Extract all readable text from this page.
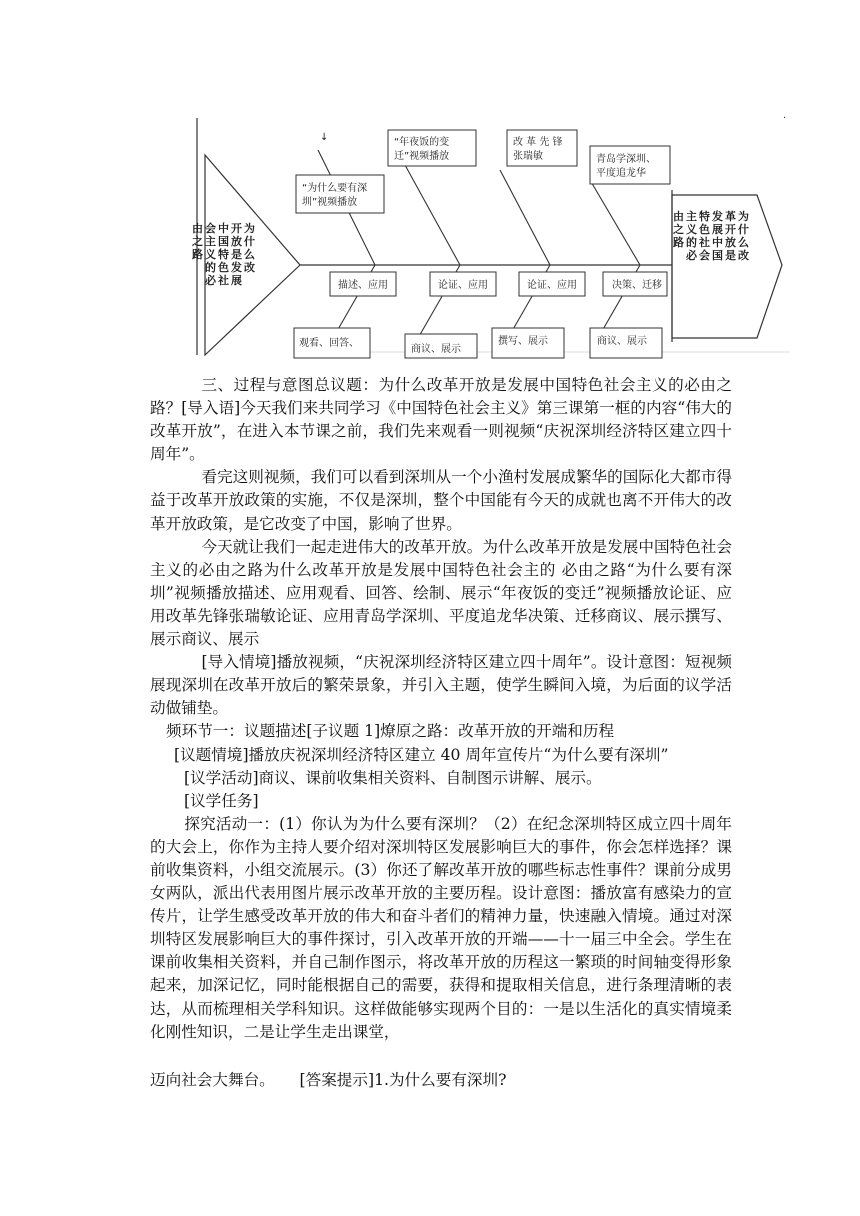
“为什么要有深
圳”视频播放
“年夜饭的变
迁”视频播放
改 革 先 锋
张瑞敏	青岛学深圳、
平度追龙华
描述、应用	论证、应用	论证、应用	决策、迁移
观看、回答、
商议、展示
撰写、展示	商议、展示
↓
·
为
什
么
改
开
放
是
发
展
中
国
特
色
社
会
主
义
的
必
由
之
路
为
什
么
改
革
开
放
是
发
展
中
国
特
色
社
会
主
义
的
必
由
之
路

三、过程与意图总议题：为什么改革开放是发展中国特色社会主义的必由之路？[导入语]今天我们来共同学习《中国特色社会主义》第三课第一框的内容“伟大的改革开放”，在进入本节课之前，我们先来观看一则视频“庆祝深圳经济特区建立四十周年”。

看完这则视频，我们可以看到深圳从一个小渔村发展成繁华的国际化大都市得益于改革开放政策的实施，不仅是深圳，整个中国能有今天的成就也离不开伟大的改革开放政策，是它改变了中国，影响了世界。

今天就让我们一起走进伟大的改革开放。为什么改革开放是发展中国特色社会主义的必由之路为什么改革开放是发展中国特色社会主的 必由之路“为什么要有深圳”视频播放描述、应用观看、回答、绘制、展示“年夜饭的变迁”视频播放论证、应用改革先锋张瑞敏论证、应用青岛学深圳、平度追龙华决策、迁移商议、展示撰写、展示商议、展示

[导入情境]播放视频，“庆祝深圳经济特区建立四十周年”。设计意图：短视频展现深圳在改革开放后的繁荣景象，并引入主题，使学生瞬间入境，为后面的议学活动做铺垫。

频环节一：议题描述[子议题 1]燎原之路：改革开放的开端和历程

[议题情境]播放庆祝深圳经济特区建立 40 周年宣传片“为什么要有深圳”

[议学活动]商议、课前收集相关资料、自制图示讲解、展示。

[议学任务]

探究活动一：(1）你认为为什么要有深圳？（2）在纪念深圳特区成立四十周年的大会上，你作为主持人要介绍对深圳特区发展影响巨大的事件，你会怎样选择？课前收集资料，小组交流展示。(3）你还了解改革开放的哪些标志性事件？课前分成男女两队，派出代表用图片展示改革开放的主要历程。设计意图：播放富有感染力的宣传片，让学生感受改革开放的伟大和奋斗者们的精神力量，快速融入情境。通过对深圳特区发展影响巨大的事件探讨，引入改革开放的开端——十一届三中全会。学生在课前收集相关资料，并自己制作图示，将改革开放的历程这一繁琐的时间轴变得形象起来，加深记忆，同时能根据自己的需要，获得和提取相关信息，进行条理清晰的表达，从而梳理相关学科知识。这样做能够实现两个目的：一是以生活化的真实情境柔化刚性知识，二是让学生走出课堂，

迈向社会大舞台。     [答案提示]1.为什么要有深圳?
